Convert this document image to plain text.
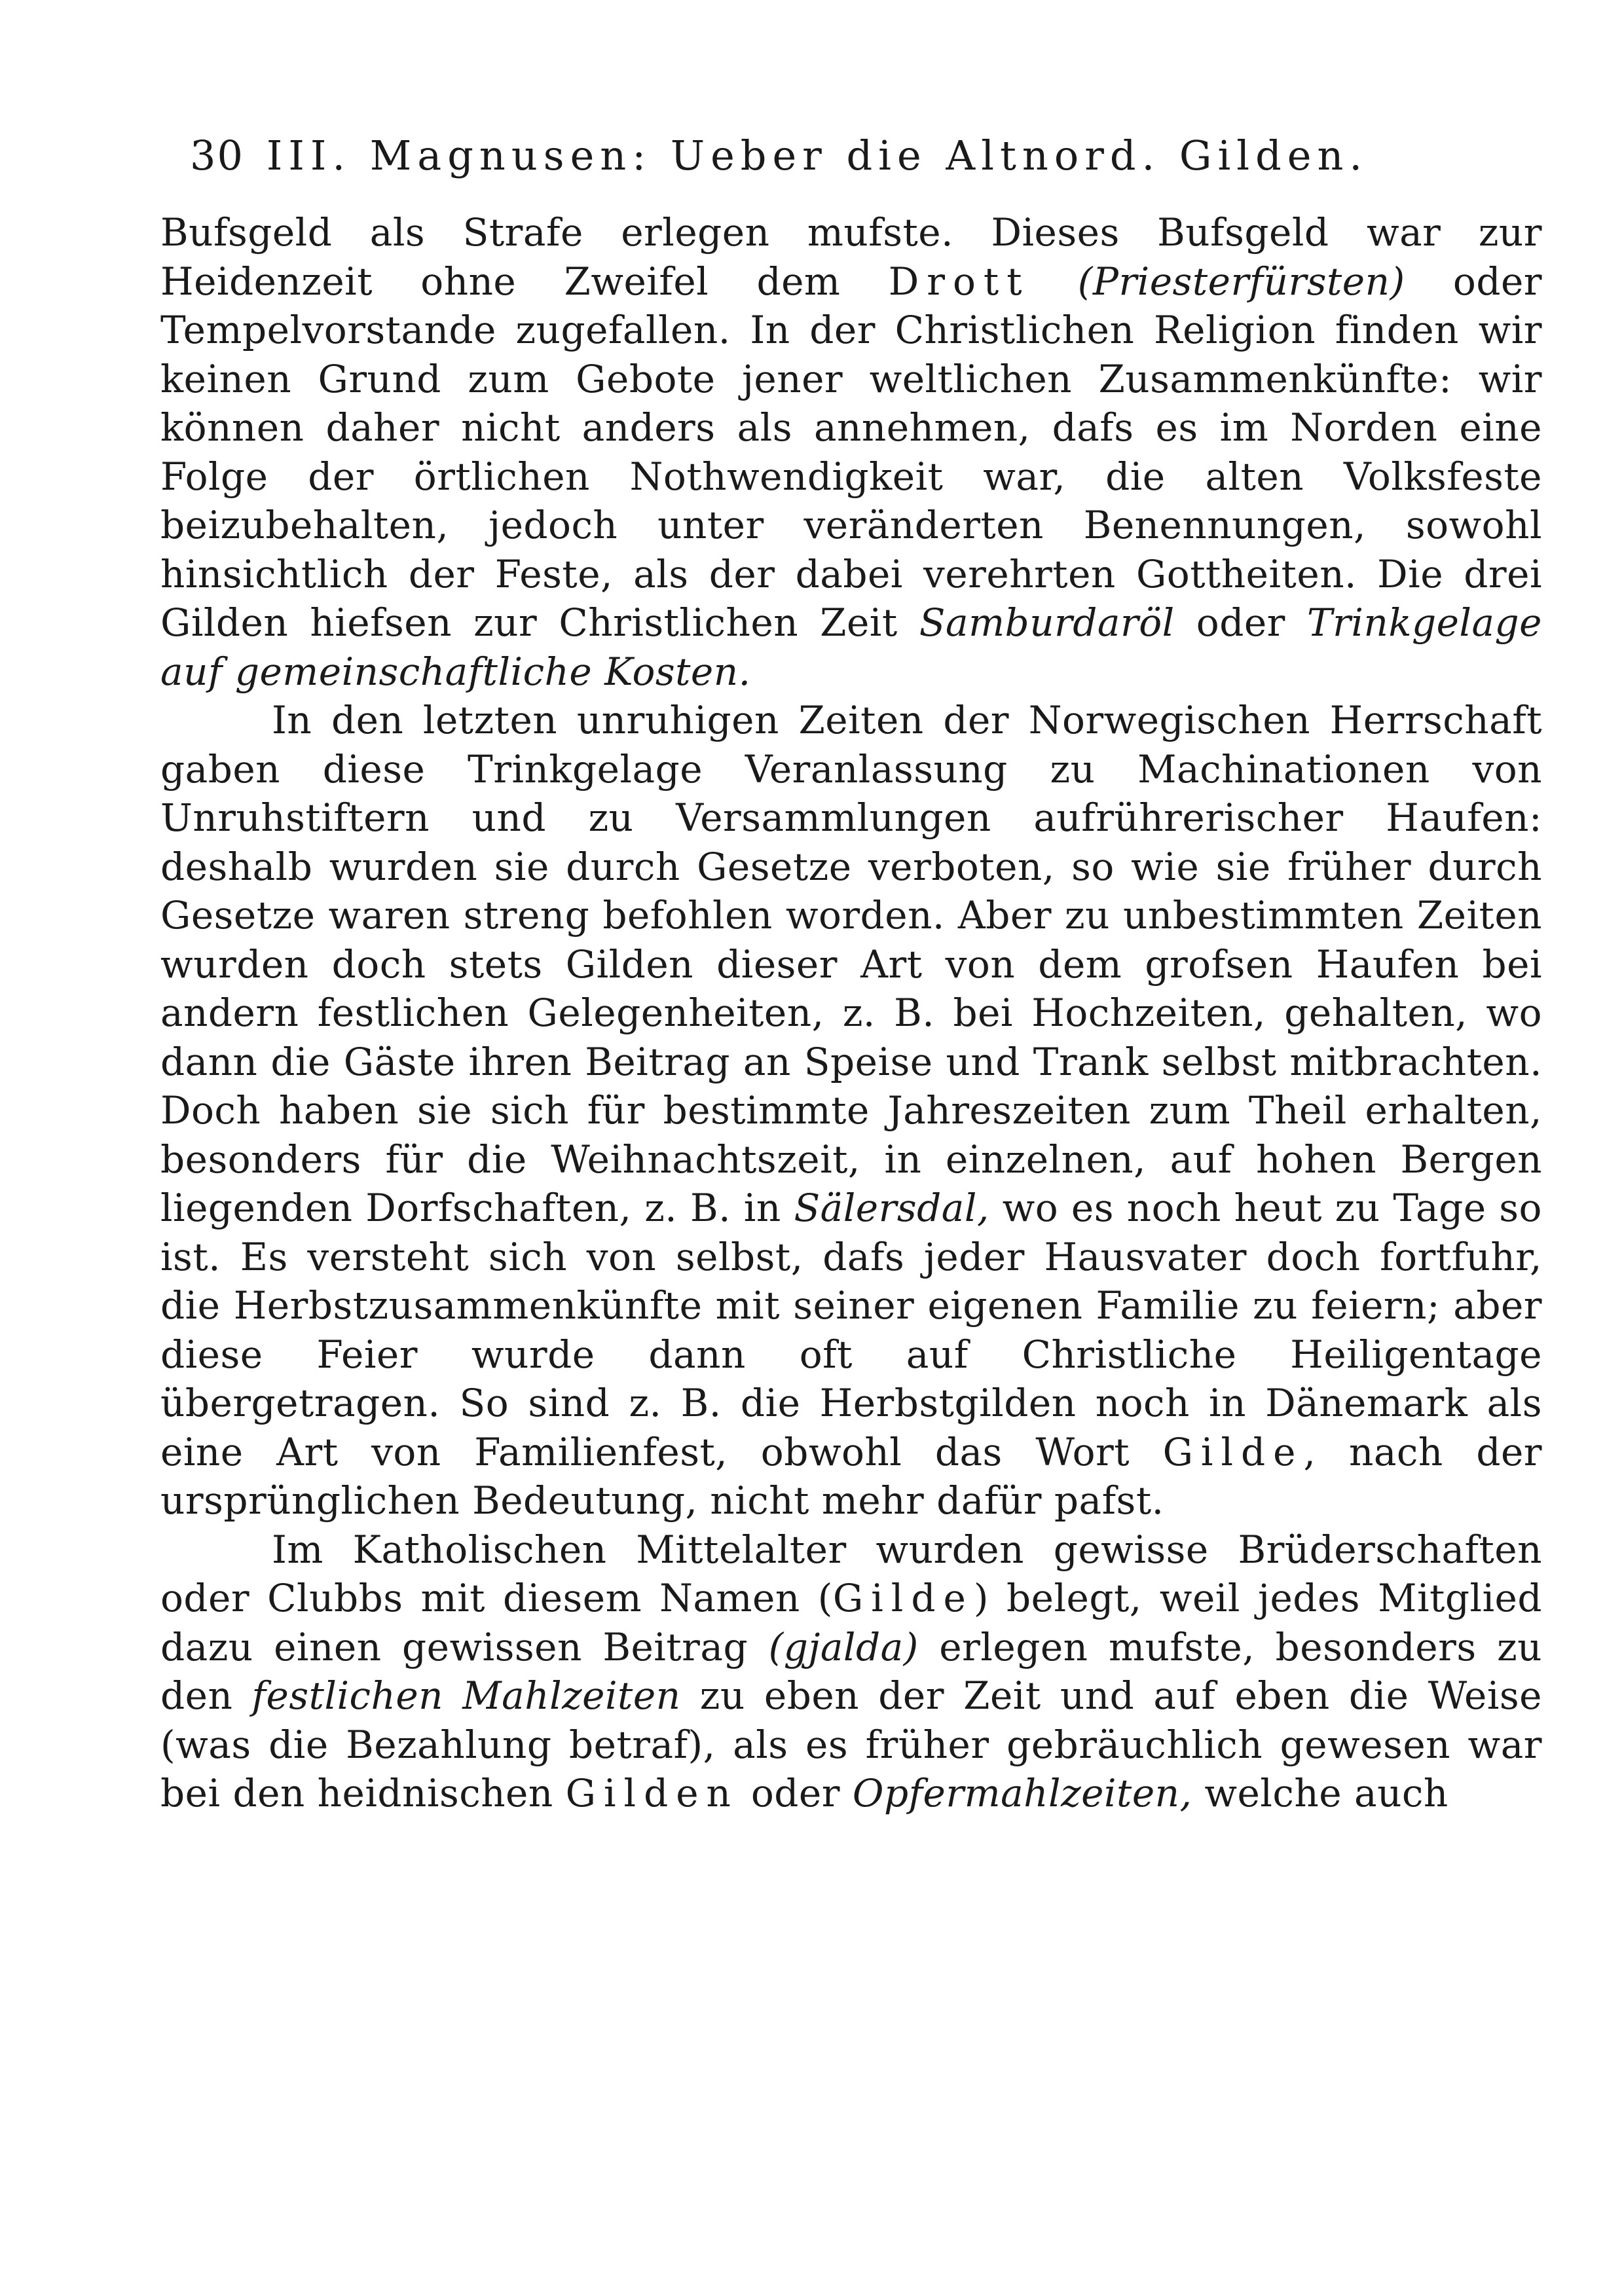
30 III. Magnusen: Ueber die Altnord. Gilden.

Bufsgeld als Strafe erlegen mufste. Dieses Bufsgeld war zur Heidenzeit ohne Zweifel dem Drott (Priesterfürsten) oder Tempelvorstande zugefallen. In der Christlichen Religion finden wir keinen Grund zum Gebote jener weltlichen Zusammenkünfte: wir können daher nicht anders als annehmen, dafs es im Norden eine Folge der örtlichen Nothwendigkeit war, die alten Volksfeste beizubehalten, jedoch unter veränderten Benennungen, sowohl hinsichtlich der Feste, als der dabei verehrten Gottheiten. Die drei Gilden hiefsen zur Christlichen Zeit Samburdaröl oder Trinkgelage auf gemeinschaftliche Kosten.

In den letzten unruhigen Zeiten der Norwegischen Herrschaft gaben diese Trinkgelage Veranlassung zu Machinationen von Unruhstiftern und zu Versammlungen aufrührerischer Haufen: deshalb wurden sie durch Gesetze verboten, so wie sie früher durch Gesetze waren streng befohlen worden. Aber zu unbestimmten Zeiten wurden doch stets Gilden dieser Art von dem grofsen Haufen bei andern festlichen Gelegenheiten, z. B. bei Hochzeiten, gehalten, wo dann die Gäste ihren Beitrag an Speise und Trank selbst mitbrachten. Doch haben sie sich für bestimmte Jahreszeiten zum Theil erhalten, besonders für die Weihnachtszeit, in einzelnen, auf hohen Bergen liegenden Dorfschaften, z. B. in Sälersdal, wo es noch heut zu Tage so ist. Es versteht sich von selbst, dafs jeder Hausvater doch fortfuhr, die Herbstzusammenkünfte mit seiner eigenen Familie zu feiern; aber diese Feier wurde dann oft auf Christliche Heiligentage übergetragen. So sind z. B. die Herbstgilden noch in Dänemark als eine Art von Familienfest, obwohl das Wort Gilde, nach der ursprünglichen Bedeutung, nicht mehr dafür pafst.

Im Katholischen Mittelalter wurden gewisse Brüderschaften oder Clubbs mit diesem Namen (Gilde) belegt, weil jedes Mitglied dazu einen gewissen Beitrag (gjalda) erlegen mufste, besonders zu den festlichen Mahlzeiten zu eben der Zeit und auf eben die Weise (was die Bezahlung betraf), als es früher gebräuchlich gewesen war bei den heidnischen Gilden oder Opfermahlzeiten, welche auch
